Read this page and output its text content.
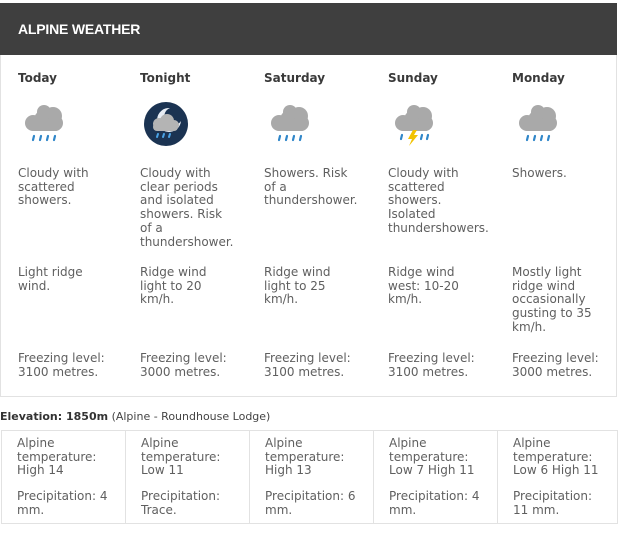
ALPINE WEATHER
Today
Cloudy with scattered showers.
Light ridge wind.
Freezing level: 3100 metres.
Tonight
Cloudy with clear periods and isolated showers. Risk of a thundershower.
Ridge wind light to 20 km/h.
Freezing level: 3000 metres.
Saturday
Showers. Risk of a thundershower.
Ridge wind light to 25 km/h.
Freezing level: 3100 metres.
Sunday
Cloudy with scattered showers. Isolated thundershowers.
Ridge wind west: 10-20 km/h.
Freezing level: 3100 metres.
Monday
Showers.
Mostly light ridge wind occasionally gusting to 35 km/h.
Freezing level: 3000 metres.
Elevation: 1850m (Alpine - Roundhouse Lodge)
Alpine temperature: High 14
Precipitation: 4 mm.
Alpine temperature: Low 11
Precipitation: Trace.
Alpine temperature: High 13
Precipitation: 6 mm.
Alpine temperature: Low 7 High 11
Precipitation: 4 mm.
Alpine temperature: Low 6 High 11
Precipitation: 11 mm.
